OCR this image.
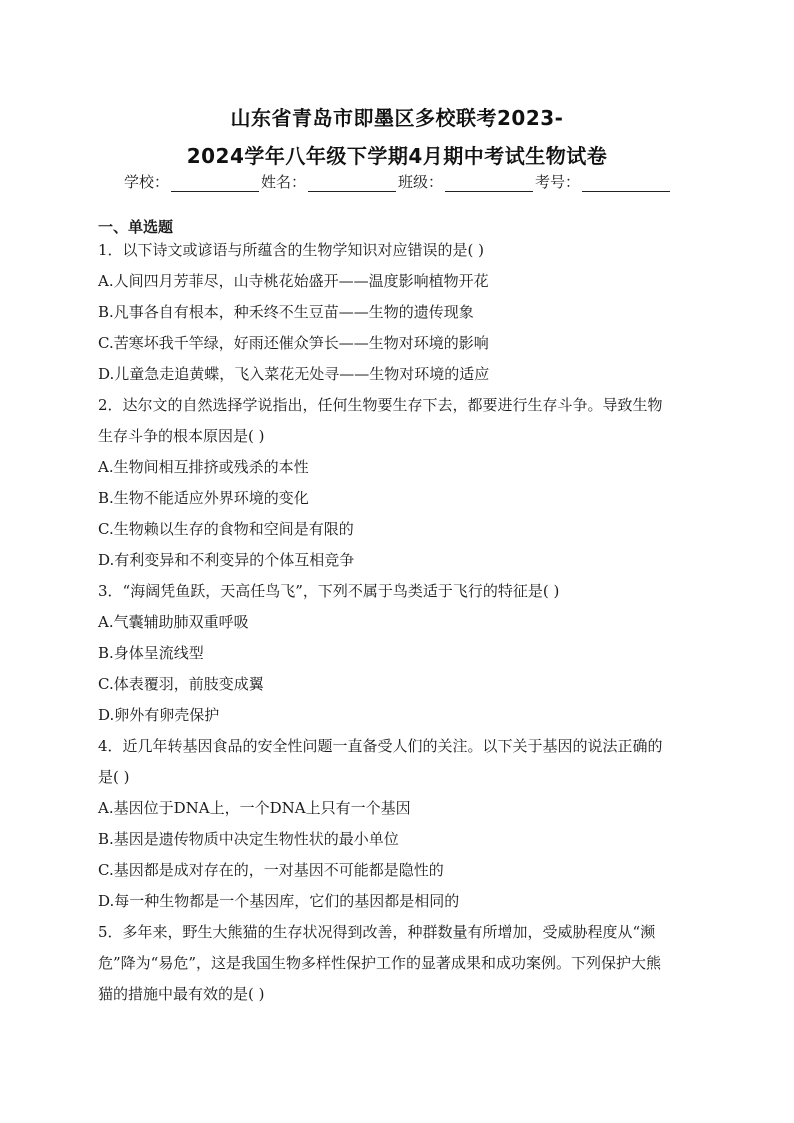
山东省青岛市即墨区多校联考2023-
2024学年八年级下学期4月期中考试生物试卷
学校：	姓名：	班级：	考号：
一、单选题
1．以下诗文或谚语与所蕴含的生物学知识对应错误的是( )
A.人间四月芳菲尽，山寺桃花始盛开——温度影响植物开花
B.凡事各自有根本，种禾终不生豆苗——生物的遗传现象
C.苦寒坏我千竿绿，好雨还催众笋长——生物对环境的影响
D.儿童急走追黄蝶，飞入菜花无处寻——生物对环境的适应
2．达尔文的自然选择学说指出，任何生物要生存下去，都要进行生存斗争。导致生物
生存斗争的根本原因是( )
A.生物间相互排挤或残杀的本性
B.生物不能适应外界环境的变化
C.生物赖以生存的食物和空间是有限的
D.有利变异和不利变异的个体互相竞争
3．“海阔凭鱼跃，天高任鸟飞”，下列不属于鸟类适于飞行的特征是( )
A.气囊辅助肺双重呼吸
B.身体呈流线型
C.体表覆羽，前肢变成翼
D.卵外有卵壳保护
4．近几年转基因食品的安全性问题一直备受人们的关注。以下关于基因的说法正确的
是( )
A.基因位于DNA上，一个DNA上只有一个基因
B.基因是遗传物质中决定生物性状的最小单位
C.基因都是成对存在的，一对基因不可能都是隐性的
D.每一种生物都是一个基因库，它们的基因都是相同的
5．多年来，野生大熊猫的生存状况得到改善，种群数量有所增加，受威胁程度从“濒
危”降为“易危”，这是我国生物多样性保护工作的显著成果和成功案例。下列保护大熊
猫的措施中最有效的是( )
